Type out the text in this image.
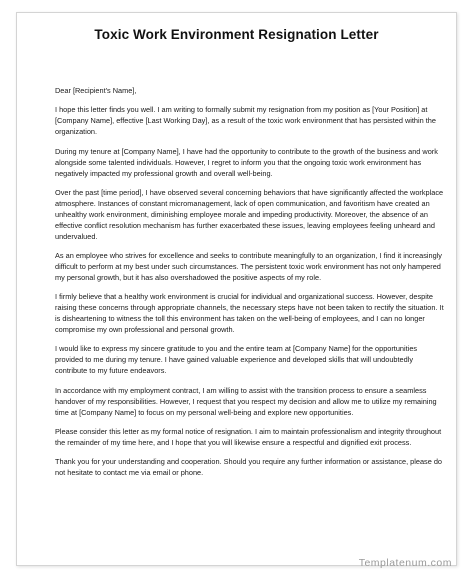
Toxic Work Environment Resignation Letter

Dear [Recipient's Name],

I hope this letter finds you well. I am writing to formally submit my resignation from my position as [Your Position] at [Company Name], effective [Last Working Day], as a result of the toxic work environment that has persisted within the organization.

During my tenure at [Company Name], I have had the opportunity to contribute to the growth of the business and work alongside some talented individuals. However, I regret to inform you that the ongoing toxic work environment has negatively impacted my professional growth and overall well-being.

Over the past [time period], I have observed several concerning behaviors that have significantly affected the workplace atmosphere. Instances of constant micromanagement, lack of open communication, and favoritism have created an unhealthy work environment, diminishing employee morale and impeding productivity. Moreover, the absence of an effective conflict resolution mechanism has further exacerbated these issues, leaving employees feeling unheard and undervalued.

As an employee who strives for excellence and seeks to contribute meaningfully to an organization, I find it increasingly difficult to perform at my best under such circumstances. The persistent toxic work environment has not only hampered my personal growth, but it has also overshadowed the positive aspects of my role.

I firmly believe that a healthy work environment is crucial for individual and organizational success. However, despite raising these concerns through appropriate channels, the necessary steps have not been taken to rectify the situation. It is disheartening to witness the toll this environment has taken on the well-being of employees, and I can no longer compromise my own professional and personal growth.

I would like to express my sincere gratitude to you and the entire team at [Company Name] for the opportunities provided to me during my tenure. I have gained valuable experience and developed skills that will undoubtedly contribute to my future endeavors.

In accordance with my employment contract, I am willing to assist with the transition process to ensure a seamless handover of my responsibilities. However, I request that you respect my decision and allow me to utilize my remaining time at [Company Name] to focus on my personal well-being and explore new opportunities.

Please consider this letter as my formal notice of resignation. I aim to maintain professionalism and integrity throughout the remainder of my time here, and I hope that you will likewise ensure a respectful and dignified exit process.

Thank you for your understanding and cooperation. Should you require any further information or assistance, please do not hesitate to contact me via email or phone.

Templatenum.com
